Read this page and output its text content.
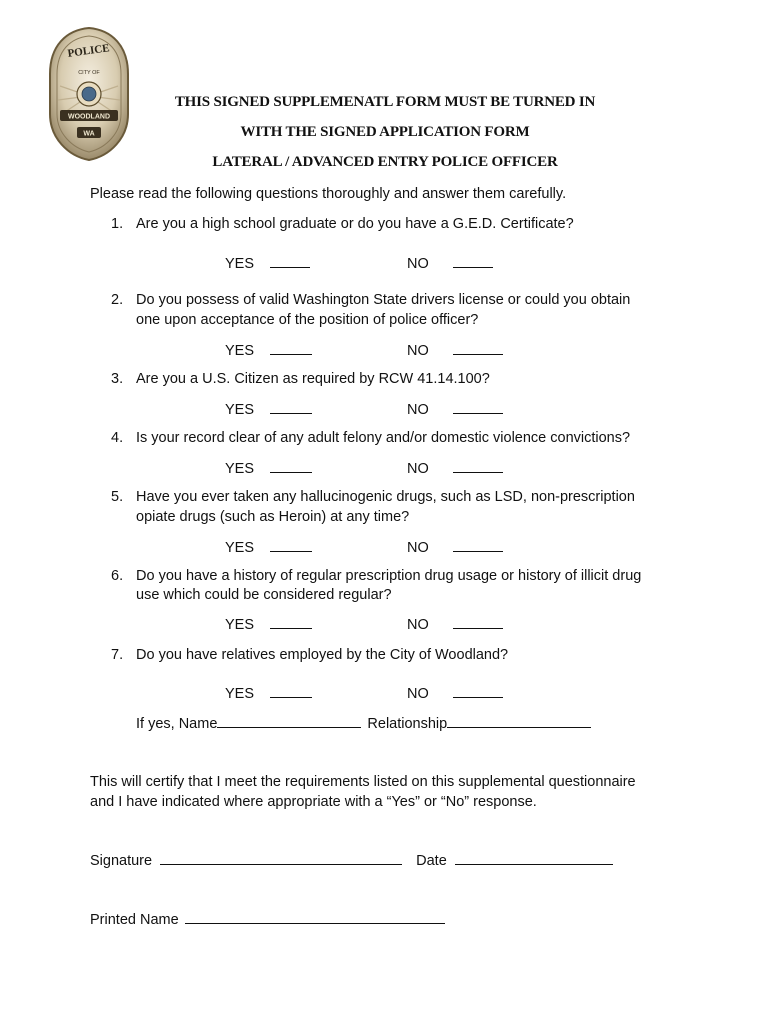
POLICE
CITY OF
WOODLAND
WA
THIS SIGNED SUPPLEMENATL FORM MUST BE TURNED IN
WITH THE SIGNED APPLICATION FORM
LATERAL / ADVANCED ENTRY POLICE OFFICER
Please read the following questions thoroughly and answer them carefully.
1. Are you a high school graduate or do you have a G.E.D. Certificate?
YES	NO
2. Do you possess of valid Washington State drivers license or could you obtain
one upon acceptance of the position of police officer?
YES	NO
3. Are you a U.S. Citizen as required by RCW 41.14.100?
YES	NO
4. Is your record clear of any adult felony and/or domestic violence convictions?
YES	NO
5. Have you ever taken any hallucinogenic drugs, such as LSD, non-prescription
opiate drugs (such as Heroin) at any time?
YES	NO
6. Do you have a history of regular prescription drug usage or history of illicit drug
use which could be considered regular?
YES	NO
7. Do you have relatives employed by the City of Woodland?
YES	NO
If yes, Name	Relationship
This will certify that I meet the requirements listed on this supplemental questionnaire
and I have indicated where appropriate with a “Yes” or “No” response.
Signature	Date
Printed Name
